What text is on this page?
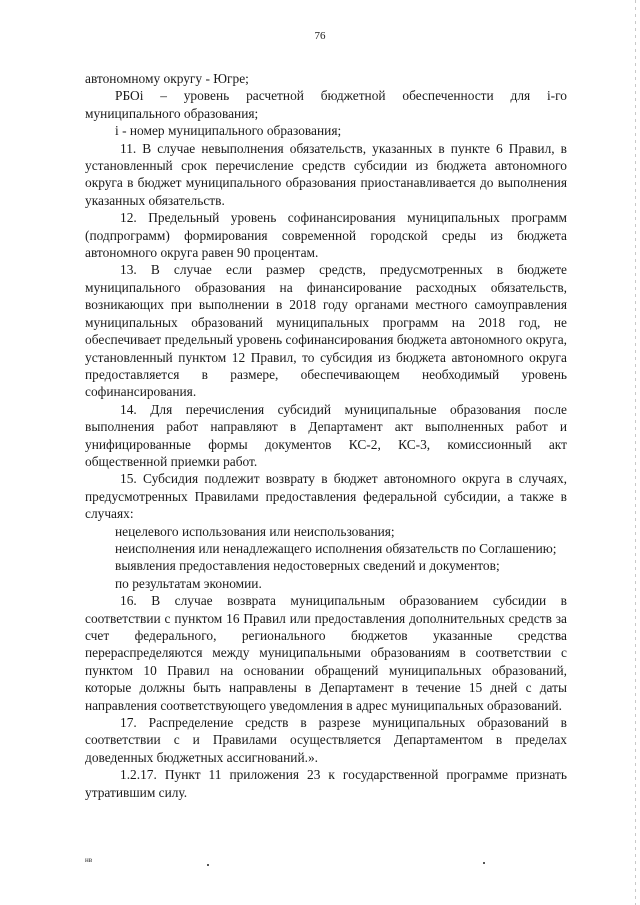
76

автономному округу - Югре;

РБОi – уровень расчетной бюджетной обеспеченности для i-го муниципального образования;

i - номер муниципального образования;

11. В случае невыполнения обязательств, указанных в пункте 6 Правил, в установленный срок перечисление средств субсидии из бюджета автономного округа в бюджет муниципального образования приостанавливается до выполнения указанных обязательств.

12. Предельный уровень софинансирования муниципальных программ (подпрограмм) формирования современной городской среды из бюджета автономного округа равен 90 процентам.

13. В случае если размер средств, предусмотренных в бюджете муниципального образования на финансирование расходных обязательств, возникающих при выполнении в 2018 году органами местного самоуправления муниципальных образований муниципальных программ на 2018 год, не обеспечивает предельный уровень софинансирования бюджета автономного округа, установленный пунктом 12 Правил, то субсидия из бюджета автономного округа предоставляется в размере, обеспечивающем необходимый уровень софинансирования.

14. Для перечисления субсидий муниципальные образования после выполнения работ направляют в Департамент акт выполненных работ и унифицированные формы документов КС-2, КС-3, комиссионный акт общественной приемки работ.

15. Субсидия подлежит возврату в бюджет автономного округа в случаях, предусмотренных Правилами предоставления федеральной субсидии, а также в случаях:

нецелевого использования или неиспользования;

неисполнения или ненадлежащего исполнения обязательств по Соглашению;

выявления предоставления недостоверных сведений и документов;

по результатам экономии.

16. В случае возврата муниципальным образованием субсидии в соответствии с пунктом 16 Правил или предоставления дополнительных средств за счет федерального, регионального бюджетов указанные средства перераспределяются между муниципальными образованиям в соответствии с пунктом 10 Правил на основании обращений муниципальных образований, которые должны быть направлены в Департамент в течение 15 дней с даты направления соответствующего уведомления в адрес муниципальных образований.

17. Распределение средств в разрезе муниципальных образований в соответствии с и Правилами осуществляется Департаментом в пределах доведенных бюджетных ассигнований.».

1.2.17. Пункт 11 приложения 23 к государственной программе признать утратившим силу.

нв
